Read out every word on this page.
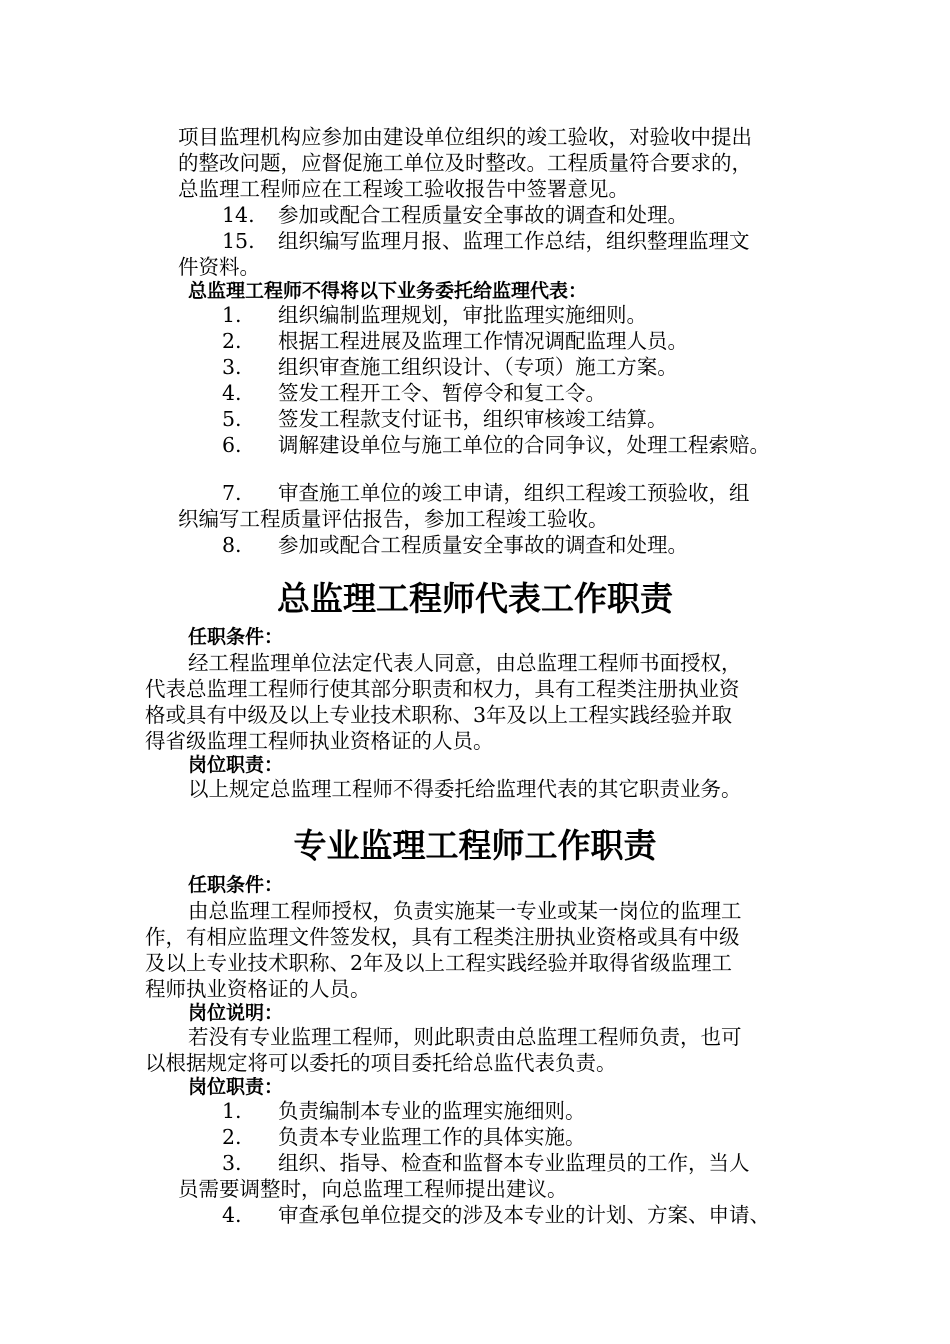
项目监理机构应参加由建设单位组织的竣工验收，对验收中提出
的整改问题，应督促施工单位及时整改。工程质量符合要求的，
总监理工程师应在工程竣工验收报告中签署意见。
14. 参加或配合工程质量安全事故的调查和处理。
15. 组织编写监理月报、监理工作总结，组织整理监理文
件资料。
总监理工程师不得将以下业务委托给监理代表：
1. 组织编制监理规划，审批监理实施细则。
2. 根据工程进展及监理工作情况调配监理人员。
3. 组织审查施工组织设计、（专项）施工方案。
4. 签发工程开工令、暂停令和复工令。
5. 签发工程款支付证书，组织审核竣工结算。
6. 调解建设单位与施工单位的合同争议，处理工程索赔。
7. 审查施工单位的竣工申请，组织工程竣工预验收，组
织编写工程质量评估报告，参加工程竣工验收。
8. 参加或配合工程质量安全事故的调查和处理。
总监理工程师代表工作职责
任职条件：
经工程监理单位法定代表人同意，由总监理工程师书面授权，
代表总监理工程师行使其部分职责和权力，具有工程类注册执业资
格或具有中级及以上专业技术职称、3年及以上工程实践经验并取
得省级监理工程师执业资格证的人员。
岗位职责：
以上规定总监理工程师不得委托给监理代表的其它职责业务。
专业监理工程师工作职责
任职条件：
由总监理工程师授权，负责实施某一专业或某一岗位的监理工
作，有相应监理文件签发权，具有工程类注册执业资格或具有中级
及以上专业技术职称、2年及以上工程实践经验并取得省级监理工
程师执业资格证的人员。
岗位说明：
若没有专业监理工程师，则此职责由总监理工程师负责，也可
以根据规定将可以委托的项目委托给总监代表负责。
岗位职责：
1. 负责编制本专业的监理实施细则。
2. 负责本专业监理工作的具体实施。
3. 组织、指导、检查和监督本专业监理员的工作，当人
员需要调整时，向总监理工程师提出建议。
4. 审查承包单位提交的涉及本专业的计划、方案、申请、
